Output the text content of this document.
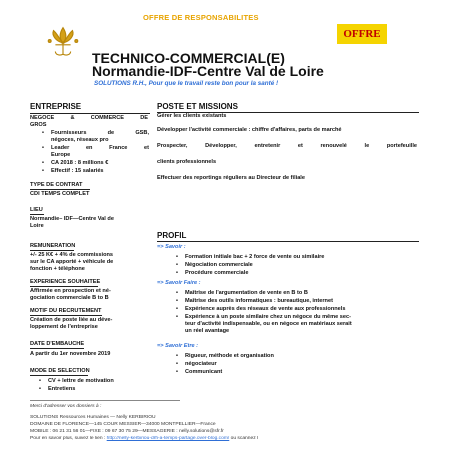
OFFRE DE RESPONSABILITES
OFFRE
TECHNICO-COMMERCIAL(E)
Normandie-IDF-Centre Val de Loire
SOLUTIONS R.H., Pour que le travail reste bon pour la santé !
ENTREPRISE
NEGOCE & COMMERCE DE
GROS
• Fournisseurs de GSB,
négoces, réseaux pro
• Leader en France et
Europe
• CA 2018 : 8 millions €
• Effectif : 15 salariés
TYPE DE CONTRAT
CDI TEMPS COMPLET
LIEU
Normandie– IDF—Centre Val de
Loire
REMUNERATION
+/- 25 K€ + 4% de commissions
sur le CA apporté + véhicule de
fonction + téléphone
EXPERIENCE SOUHAITEE
Affirmée en prospection et né-
gociation commerciale B to B
MOTIF DU RECRUTEMENT
Création de poste liée au déve-
loppement de l'entreprise
DATE D'EMBAUCHE
A partir du 1er novembre 2019
MODE DE SELECTION
• CV + lettre de motivation
• Entretiens
POSTE ET MISSIONS
Gérer les clients existants
Développer l'activité commerciale : chiffre d'affaires, parts de marché
Prospecter, Développer, entretenir et renouvelé le portefeuille
clients professionnels
Effectuer des reportings réguliers au Directeur de filiale
PROFIL
=> Savoir :
• Formation initiale bac + 2 force de vente ou similaire
• Négociation commerciale
• Procédure commerciale
=> Savoir Faire :
• Maîtrise de l'argumentation de vente en B to B
• Maîtrise des outils informatiques : bureautique, internet
• Expérience auprès des réseaux de vente aux professionnels
• Expérience à un poste similaire chez un négoce du même sec-
teur d'activité indispensable, ou en négoce en matériaux serait
un réel avantage
=> Savoir Etre :
• Rigueur, méthode et organisation
• négociateur
• Communicant
Merci d'adresser vos dossiers à :
SOLUTIONS Ressources Humaines — Nelly KERBIRIOU
DOMAINE DE FLORENCE—145 COUR MESSIER—34000 MONTPELLIER—France
MOBILE : 06 21 31 56 01—FIXE : 09 67 30 75 29—MESSAGERIE : nelly.solutions@sfr.fr
Pour en savoir plus, suivez le lien : http://nelly-kerbiriou-drh-a-temps-partage.over-blog.com/ ou scannez l
